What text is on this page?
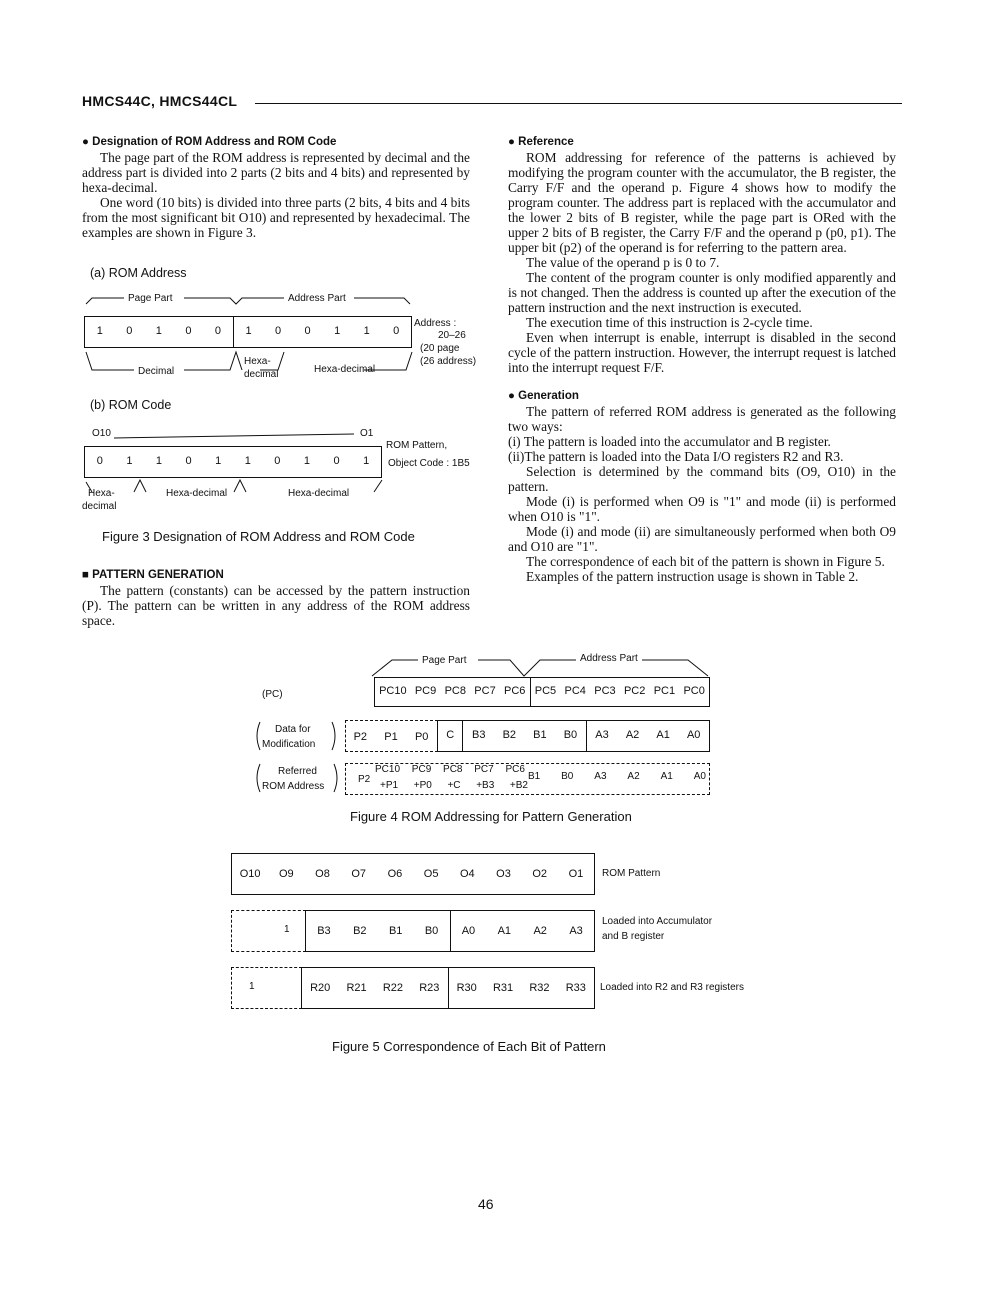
HMCS44C, HMCS44CL
● Designation of ROM Address and ROM Code

The page part of the ROM address is represented by decimal and the address part is divided into 2 parts (2 bits and 4 bits) and represented by hexa-decimal.

One word (10 bits) is divided into three parts (2 bits, 4 bits and 4 bits from the most significant bit O10) and represented by hexadecimal. The examples are shown in Figure 3.

(a) ROM Address
Page Part	Address Part
1	0	1	0	0	1	0	0	1	1	0
Address :
20–26
(20 page
(26 address)
Decimal
Hexa-
decimal	Hexa-decimal
(b) ROM Code
O10	O1
0	1	1	0	1	1	0	1	0	1
ROM Pattern,
Object Code : 1B5
Hexa-
decimal
Hexa-decimal	Hexa-decimal
Figure 3 Designation of ROM Address and ROM Code
■ PATTERN GENERATION

The pattern (constants) can be accessed by the pattern instruction (P). The pattern can be written in any address of the ROM address space.

● Reference

ROM addressing for reference of the patterns is achieved by modifying the program counter with the accumulator, the B register, the Carry F/F and the operand p. Figure 4 shows how to modify the program counter. The address part is replaced with the accumulator and the lower 2 bits of B register, while the page part is ORed with the upper 2 bits of B register, the Carry F/F and the operand p (p0, p1). The upper bit (p2) of the operand is for referring to the pattern area.

The value of the operand p is 0 to 7.

The content of the program counter is only modified apparently and is not changed. Then the address is counted up after the execution of the pattern instruction and the next instruction is executed.

The execution time of this instruction is 2-cycle time.

Even when interrupt is enable, interrupt is disabled in the second cycle of the pattern instruction. However, the interrupt request is latched into the interrupt request F/F.

● Generation

The pattern of referred ROM address is generated as the following two ways:

(i) The pattern is loaded into the accumulator and B register.

(ii)The pattern is loaded into the Data I/O registers R2 and R3.

Selection is determined by the command bits (O9, O10) in the pattern.

Mode (i) is performed when O9 is "1" and mode (ii) is performed when O10 is "1".

Mode (i) and mode (ii) are simultaneously performed when both O9 and O10 are "1".

The correspondence of each bit of the pattern is shown in Figure 5.

Examples of the pattern instruction usage is shown in Table 2.

Page Part	Address Part
(PC)	PC10 PC9 PC8 PC7 PC6 PC5 PC4 PC3 PC2 PC1 PC0
Data for
Modification
P2	P1	P0	C	B3	B2	B1	B0	A3	A2	A1	A0
Referred
ROM Address
P2
PC10 PC9 PC8 PC7 PC6
+P1 +P0 +C +B3 +B2
B1 B0 A3 A2 A1 A0
Figure 4 ROM Addressing for Pattern Generation
O10	O9	O8	O7	O6	O5	O4	O3	O2	O1	ROM Pattern
1	B3	B2	B1	B0	A0	A1	A2	A3
Loaded into Accumulator
and B register
1	R20	R21	R22	R23	R30	R31	R32	R33	Loaded into R2 and R3 registers
Figure 5 Correspondence of Each Bit of Pattern
46
